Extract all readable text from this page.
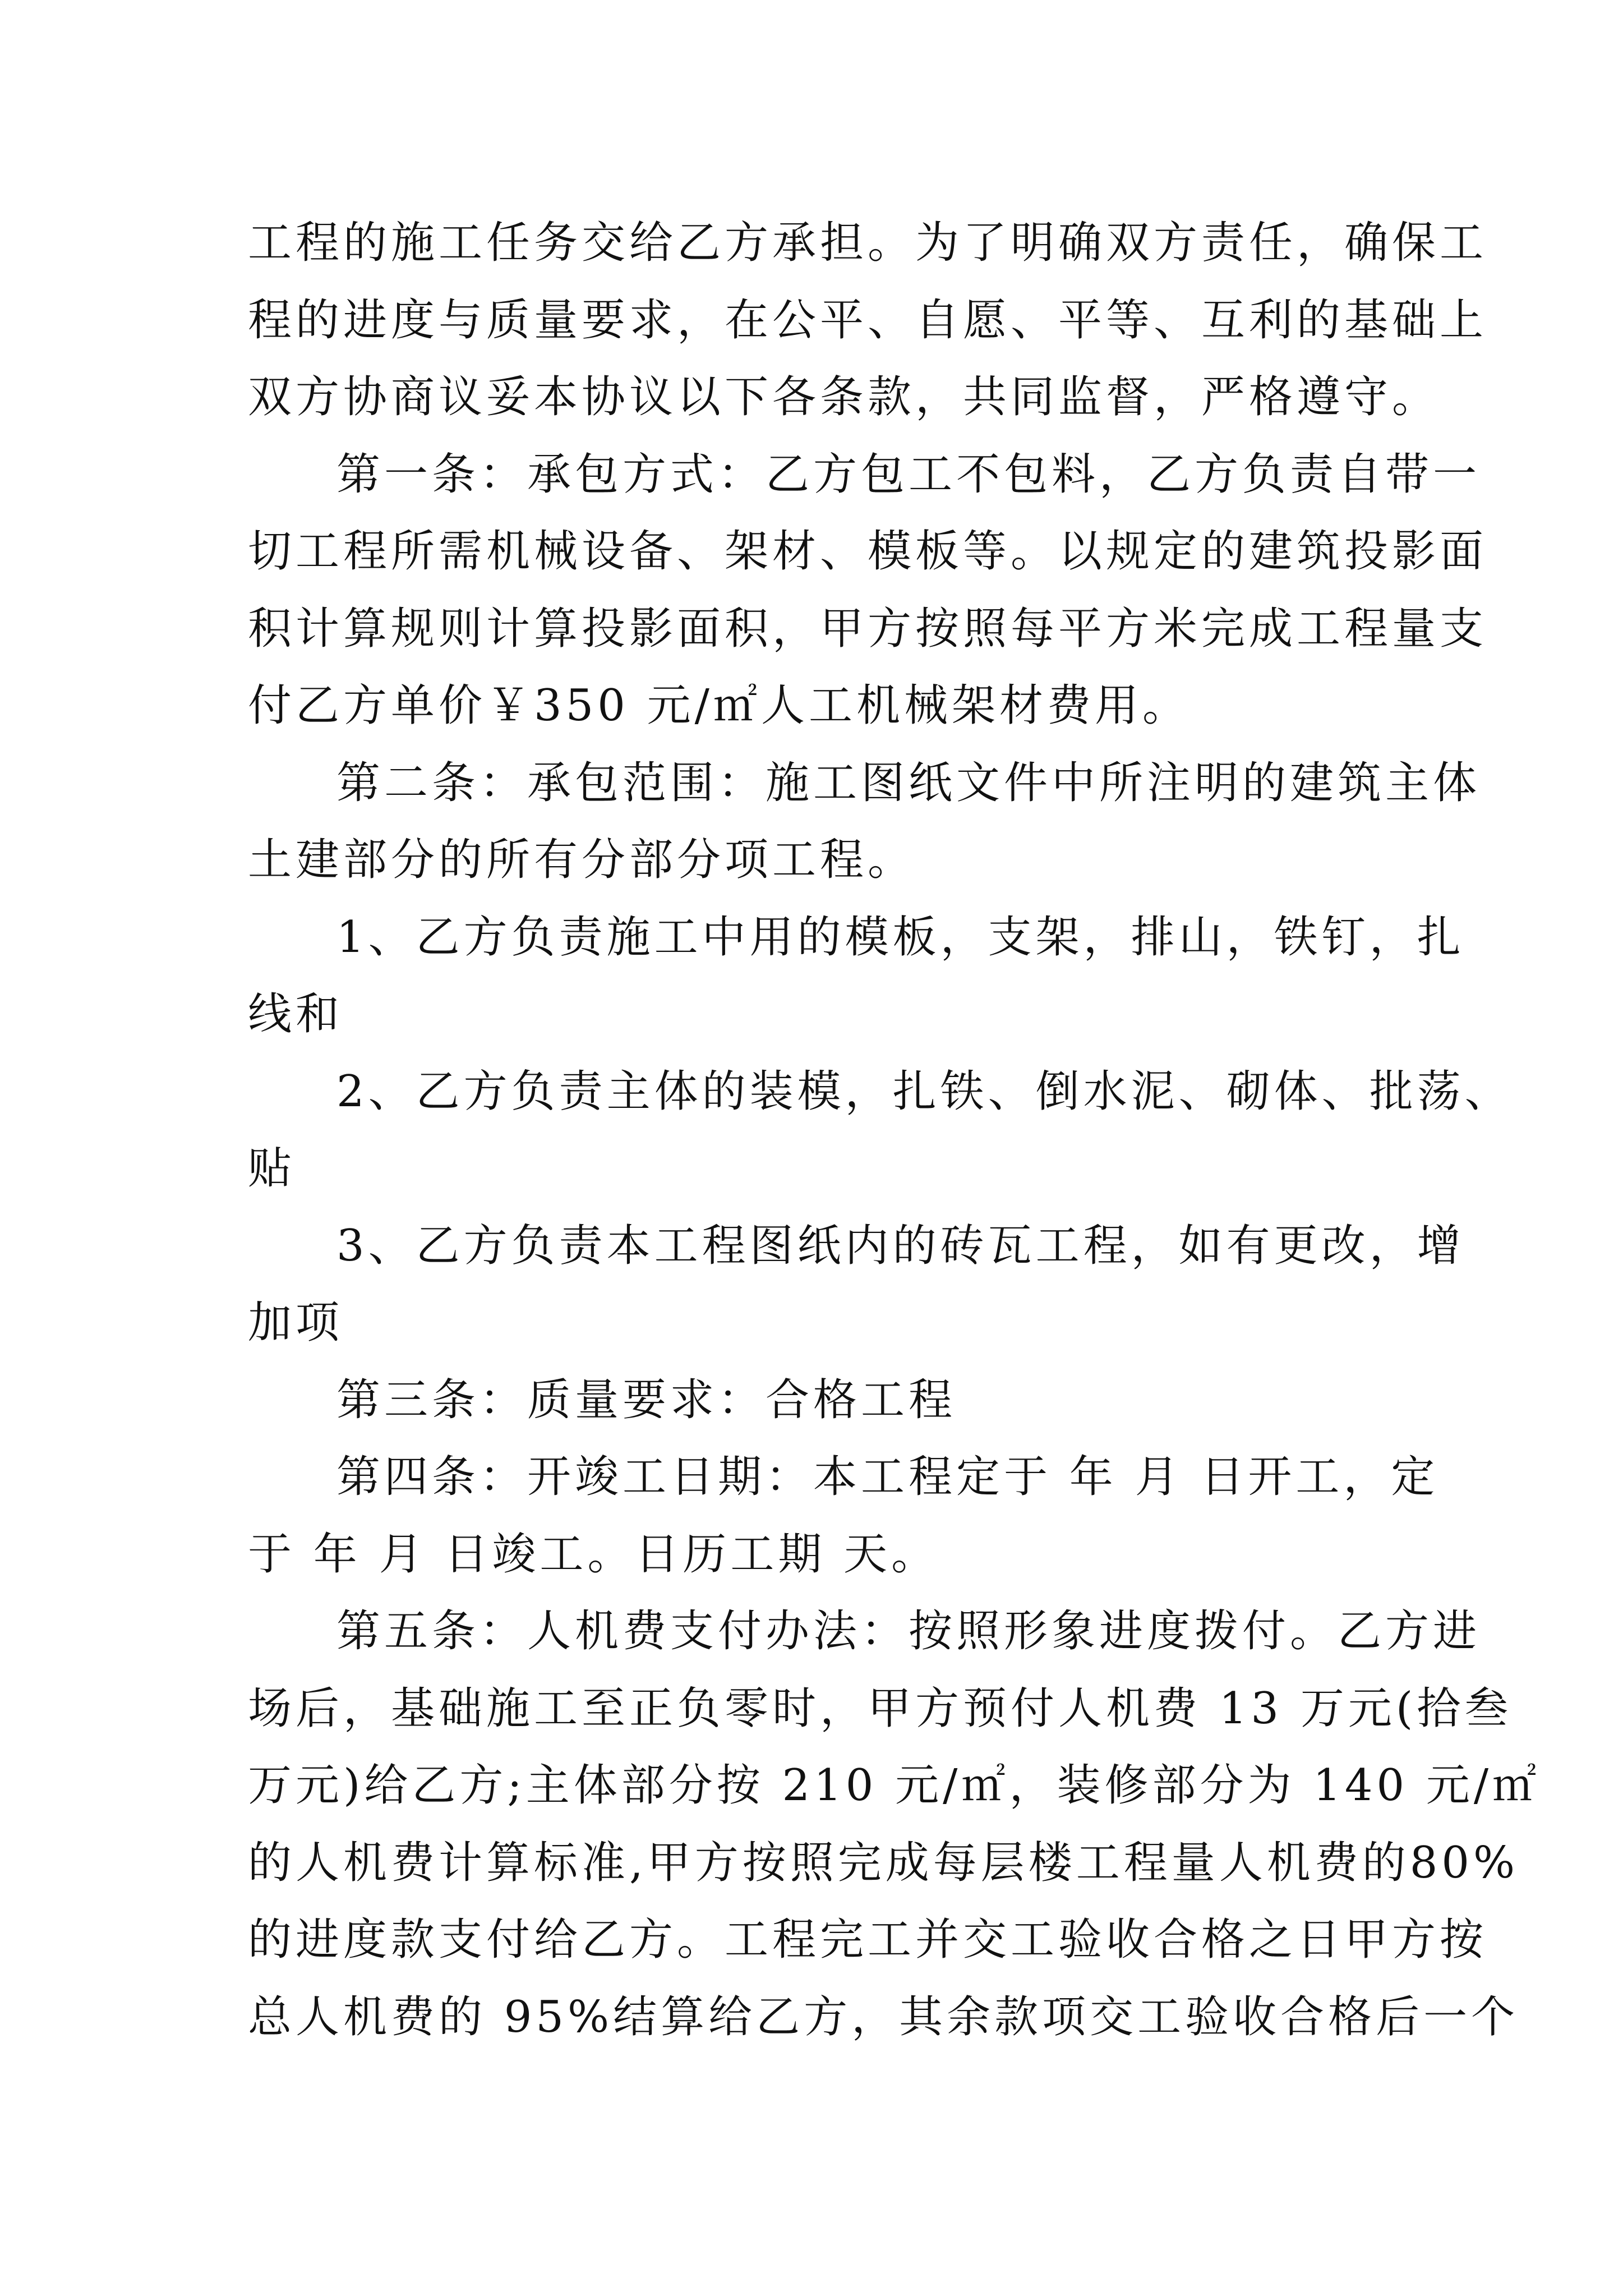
工程的施工任务交给乙方承担。为了明确双方责任，确保工
程的进度与质量要求，在公平、自愿、平等、互利的基础上
双方协商议妥本协议以下各条款，共同监督，严格遵守。
第一条：承包方式：乙方包工不包料，乙方负责自带一
切工程所需机械设备、架材、模板等。以规定的建筑投影面
积计算规则计算投影面积，甲方按照每平方米完成工程量支
付乙方单价￥350 元/㎡人工机械架材费用。
第二条：承包范围：施工图纸文件中所注明的建筑主体
土建部分的所有分部分项工程。
1、乙方负责施工中用的模板，支架，排山，铁钉，扎
线和
2、乙方负责主体的装模，扎铁、倒水泥、砌体、批荡、
贴
3、乙方负责本工程图纸内的砖瓦工程，如有更改，增
加项
第三条：质量要求：合格工程
第四条：开竣工日期：本工程定于 年 月 日开工，定
于 年 月 日竣工。日历工期 天。
第五条：人机费支付办法：按照形象进度拨付。乙方进
场后，基础施工至正负零时，甲方预付人机费 13 万元(拾叁
万元)给乙方;主体部分按 210 元/㎡，装修部分为 140 元/㎡
的人机费计算标准,甲方按照完成每层楼工程量人机费的80%
的进度款支付给乙方。工程完工并交工验收合格之日甲方按
总人机费的 95%结算给乙方，其余款项交工验收合格后一个
